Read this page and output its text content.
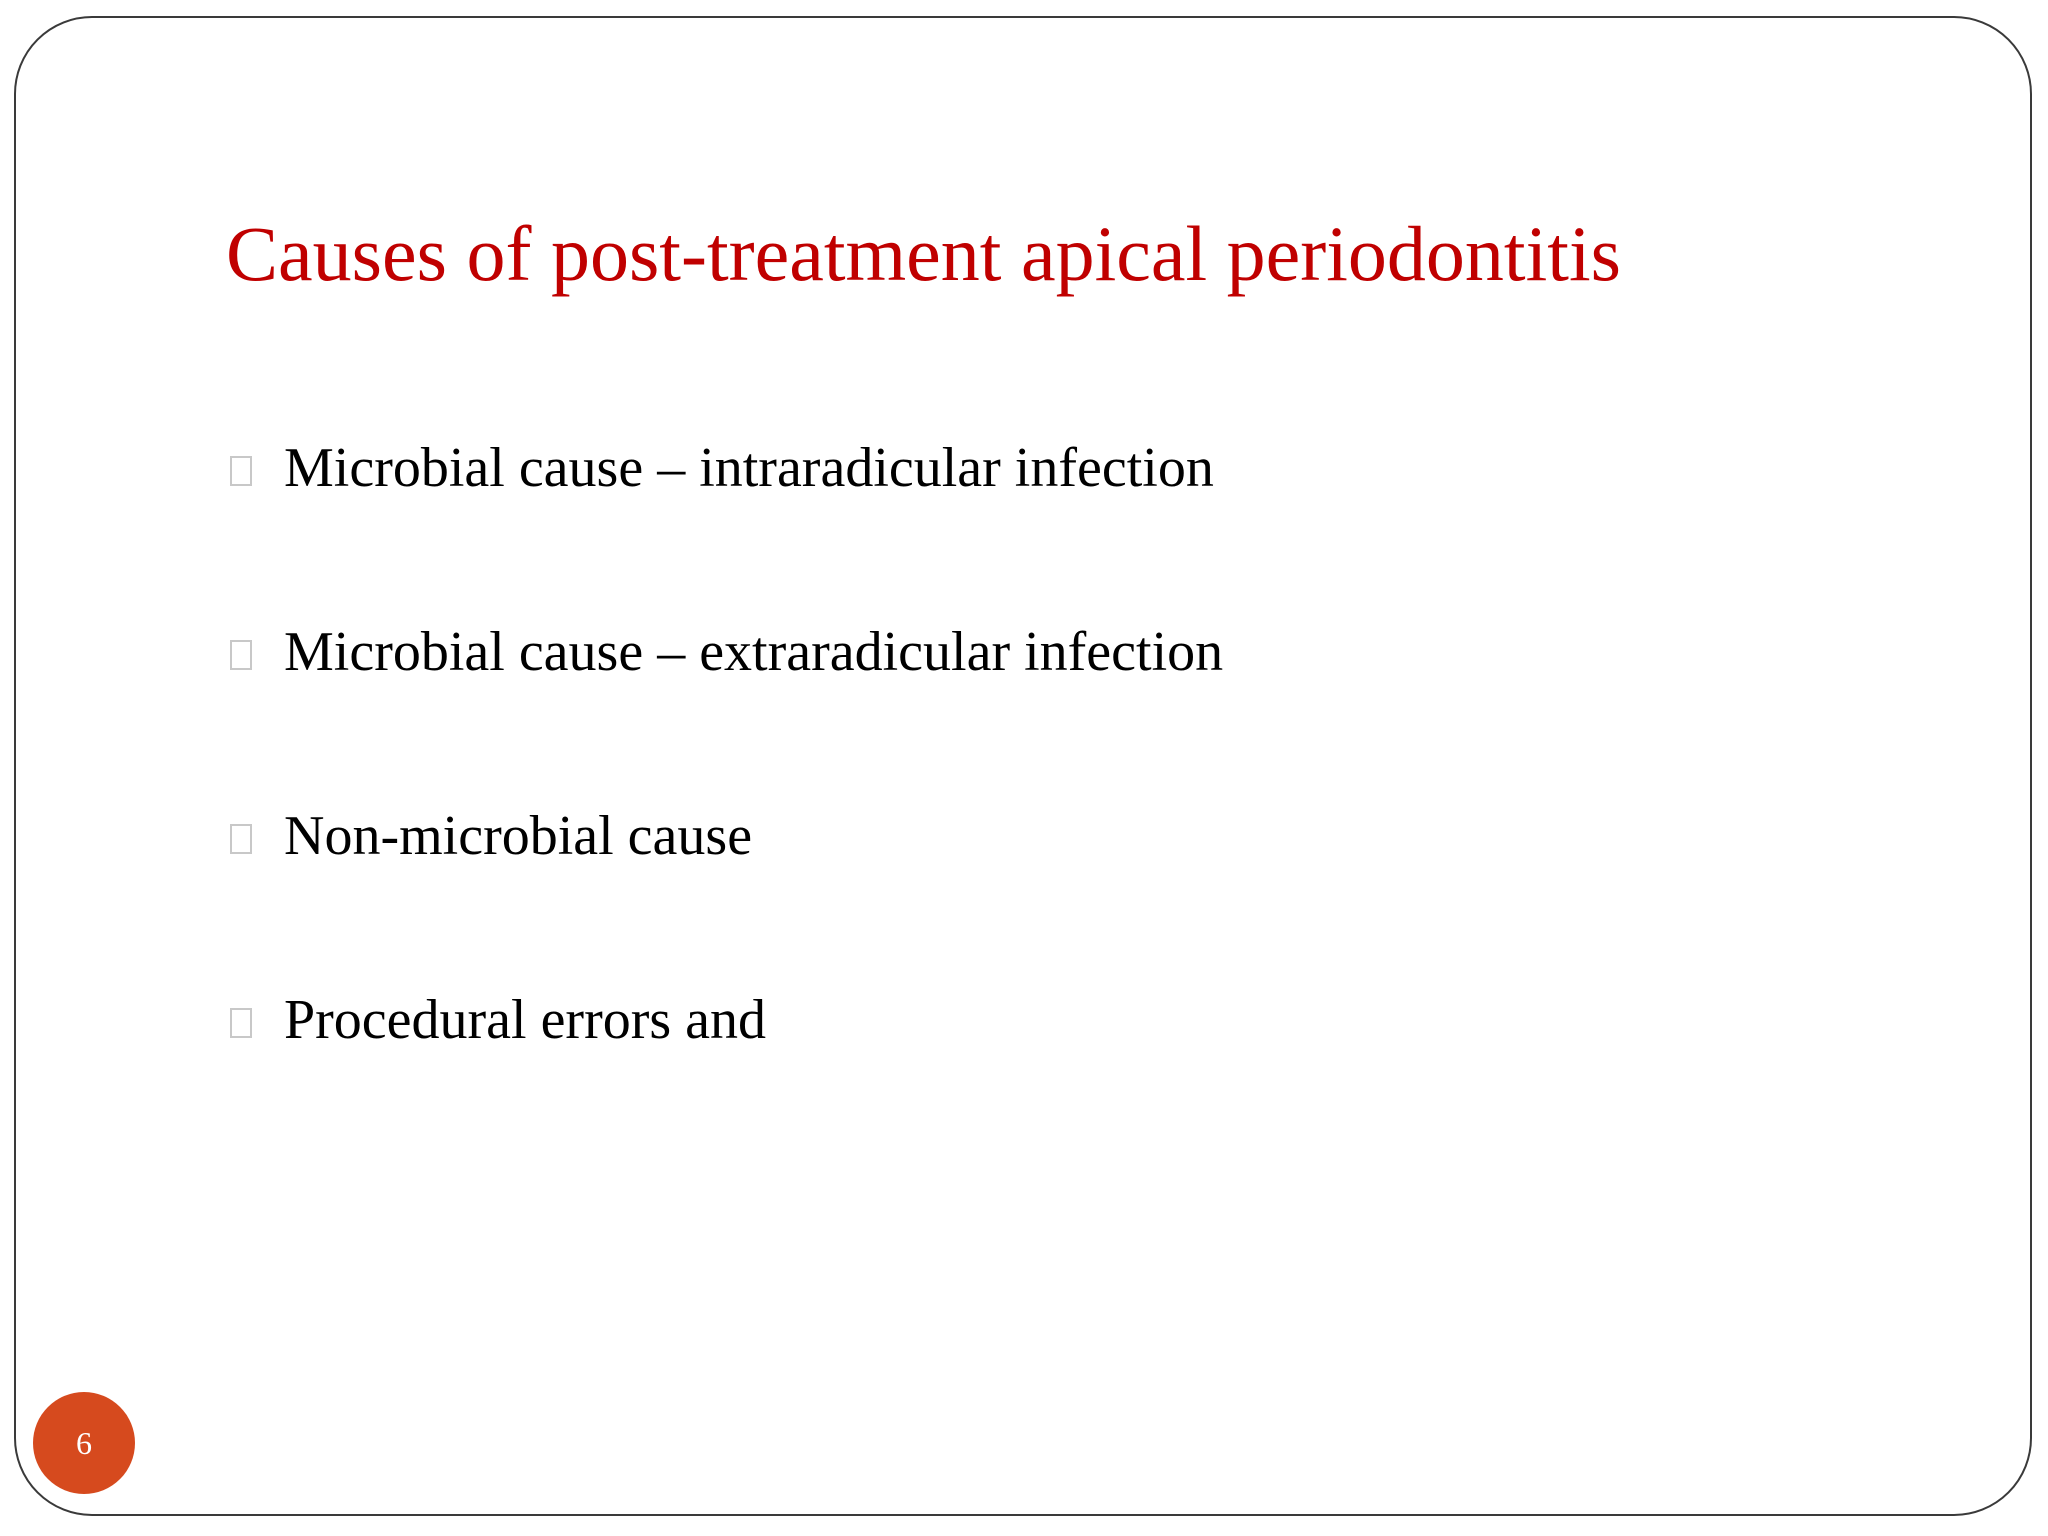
Causes of post-treatment apical periodontitis
Microbial cause – intraradicular infection
Microbial cause – extraradicular infection
Non-microbial cause
Procedural errors and
6
